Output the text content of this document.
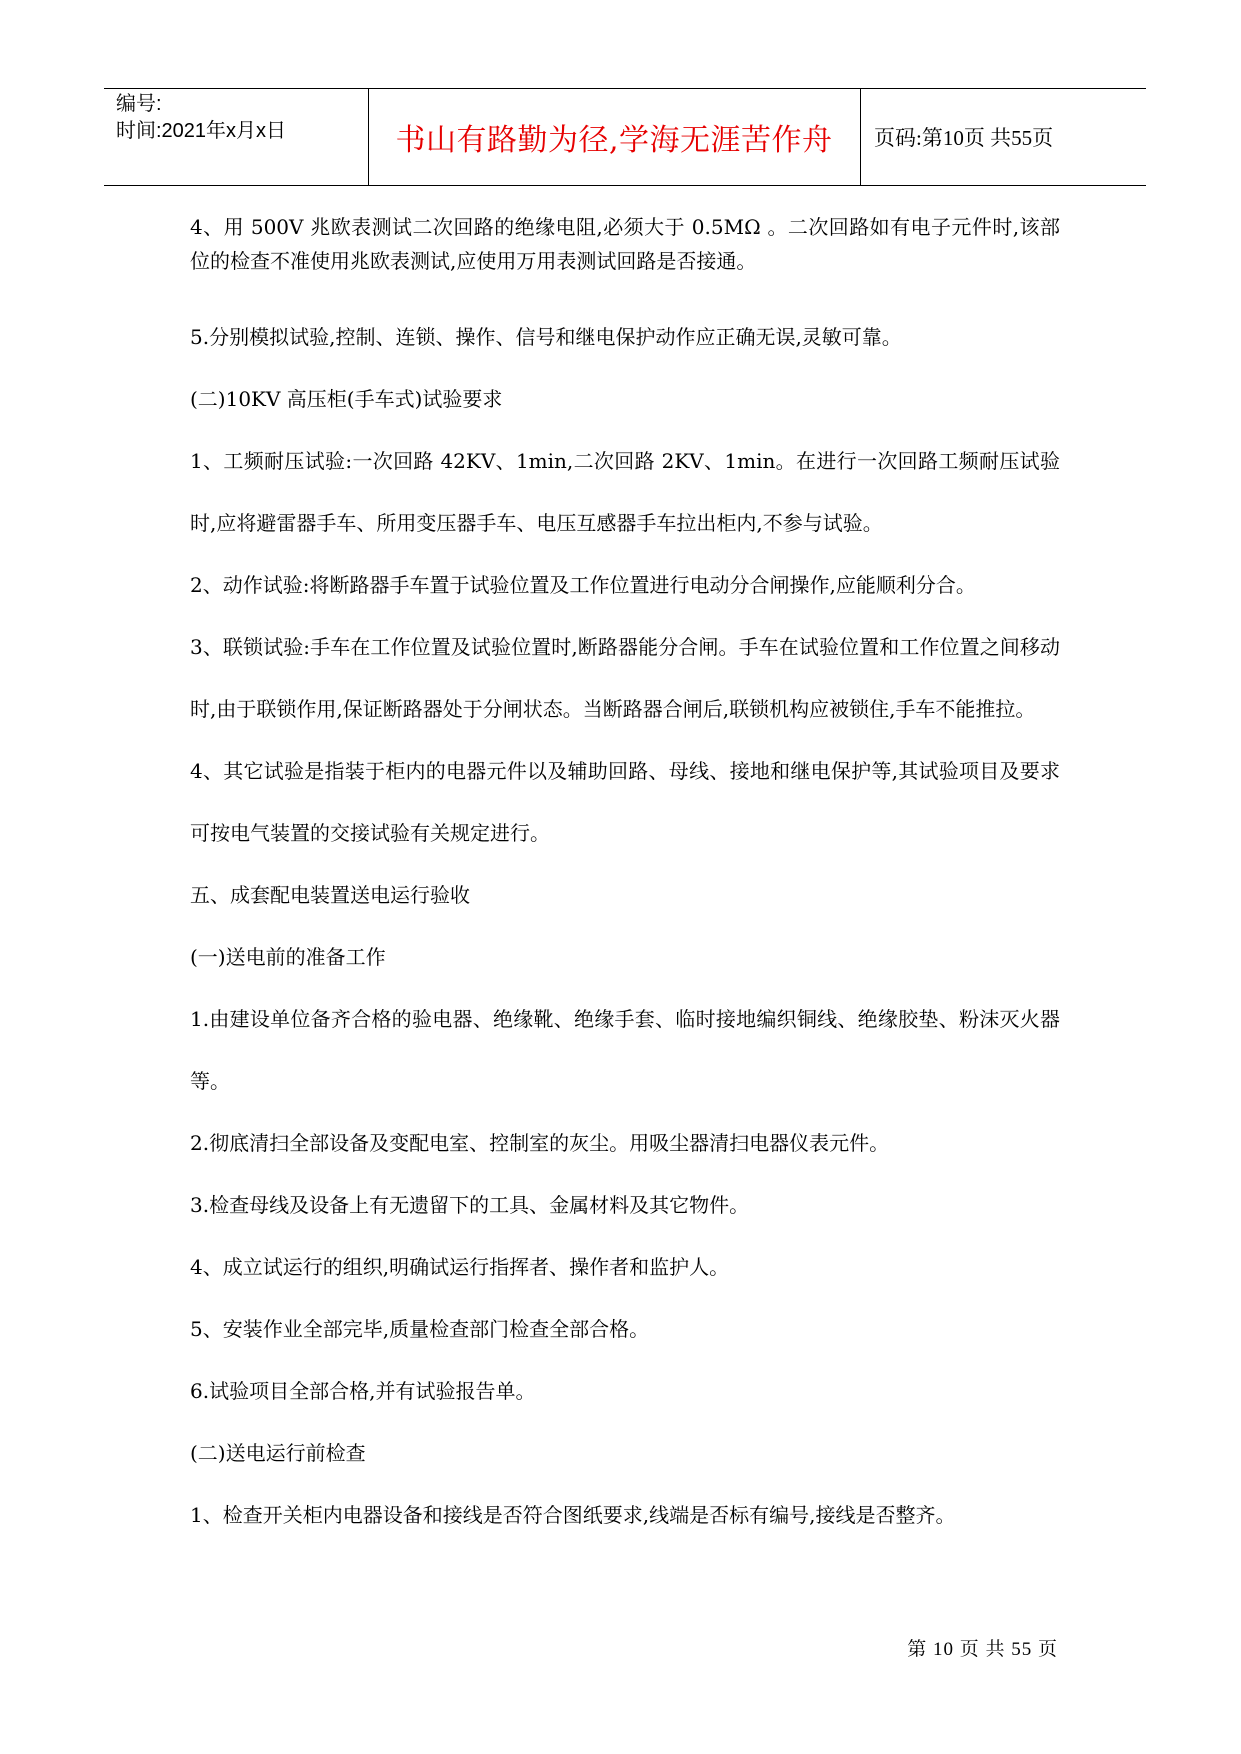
编号:
时间:2021年x月x日	书山有路勤为径,学海无涯苦作舟	页码:第10页 共55页

4、用 500V 兆欧表测试二次回路的绝缘电阻,必须大于 0.5MΩ 。二次回路如有电子元件时,该部位的检查不准使用兆欧表测试,应使用万用表测试回路是否接通。

5.分别模拟试验,控制、连锁、操作、信号和继电保护动作应正确无误,灵敏可靠。

(二)10KV 高压柜(手车式)试验要求

1、工频耐压试验:一次回路 42KV、1min,二次回路 2KV、1min。在进行一次回路工频耐压试验时,应将避雷器手车、所用变压器手车、电压互感器手车拉出柜内,不参与试验。

2、动作试验:将断路器手车置于试验位置及工作位置进行电动分合闸操作,应能顺利分合。

3、联锁试验:手车在工作位置及试验位置时,断路器能分合闸。手车在试验位置和工作位置之间移动时,由于联锁作用,保证断路器处于分闸状态。当断路器合闸后,联锁机构应被锁住,手车不能推拉。

4、其它试验是指装于柜内的电器元件以及辅助回路、母线、接地和继电保护等,其试验项目及要求可按电气装置的交接试验有关规定进行。

五、成套配电装置送电运行验收

(一)送电前的准备工作

1.由建设单位备齐合格的验电器、绝缘靴、绝缘手套、临时接地编织铜线、绝缘胶垫、粉沫灭火器等。

2.彻底清扫全部设备及变配电室、控制室的灰尘。用吸尘器清扫电器仪表元件。

3.检查母线及设备上有无遗留下的工具、金属材料及其它物件。

4、成立试运行的组织,明确试运行指挥者、操作者和监护人。

5、安装作业全部完毕,质量检查部门检查全部合格。

6.试验项目全部合格,并有试验报告单。

(二)送电运行前检查

1、检查开关柜内电器设备和接线是否符合图纸要求,线端是否标有编号,接线是否整齐。

第 10 页 共 55 页
